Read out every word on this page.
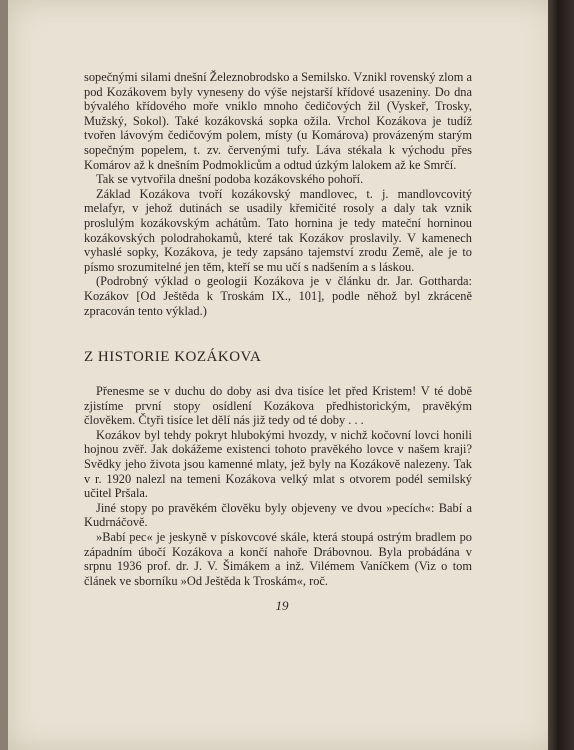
sopečnými silami dnešní Železnobrodsko a Semilsko. Vznikl rovenský zlom a pod Kozákovem byly vyneseny do výše nejstarší křídové usazeniny. Do dna bývalého křídového moře vniklo mnoho čedičových žil (Vyskeř, Trosky, Mužský, Sokol). Také kozákovská sopka ožila. Vrchol Kozákova je tudíž tvořen lávovým čedičovým polem, místy (u Komárova) provázeným starým sopečným popelem, t. zv. červenými tufy. Láva stékala k východu přes Komárov až k dnešním Podmoklicům a odtud úzkým lalokem až ke Smrčí.

Tak se vytvořila dnešní podoba kozákovského pohoří.

Základ Kozákova tvoří kozákovský mandlovec, t. j. mandlovcovitý melafyr, v jehož dutinách se usadily křemičité rosoly a daly tak vznik proslulým kozákovským achátům. Tato hornina je tedy mateční horninou kozákovských polodrahokamů, které tak Kozákov proslavily. V kamenech vyhaslé sopky, Kozákova, je tedy zapsáno tajemství zrodu Země, ale je to písmo srozumitelné jen těm, kteří se mu učí s nadšením a s láskou.

(Podrobný výklad o geologii Kozákova je v článku dr. Jar. Gotthardа: Kozákov [Od Ještěda k Troskám IX., 101], podle něhož byl zkráceně zpracován tento výklad.)

Z HISTORIE KOZÁKOVA

Přenesme se v duchu do doby asi dva tisíce let před Kristem! V té době zjistíme první stopy osídlení Kozákova předhistorickým, pravěkým člověkem. Čtyři tisíce let dělí nás již tedy od té doby . . .

Kozákov byl tehdy pokryt hlubokými hvozdy, v nichž kočovní lovci honili hojnou zvěř. Jak dokážeme existenci tohoto pravěkého lovce v našem kraji? Svědky jeho života jsou kamenné mlaty, jež byly na Kozákově nalezeny. Tak v r. 1920 nalezl na temeni Kozákova velký mlat s otvorem podél semilský učitel Pršala.

Jiné stopy po pravěkém člověku byly objeveny ve dvou »pecích«: Babí a Kudrnáčově.

»Babí pec« je jeskyně v pískovcové skále, která stoupá ostrým bradlem po západním úbočí Kozákova a končí nahoře Drábovnou. Byla probádána v srpnu 1936 prof. dr. J. V. Šimákem a inž. Vilémem Vaníčkem (Viz o tom článek ve sborníku »Od Ještěda k Troskám«, roč.

19
